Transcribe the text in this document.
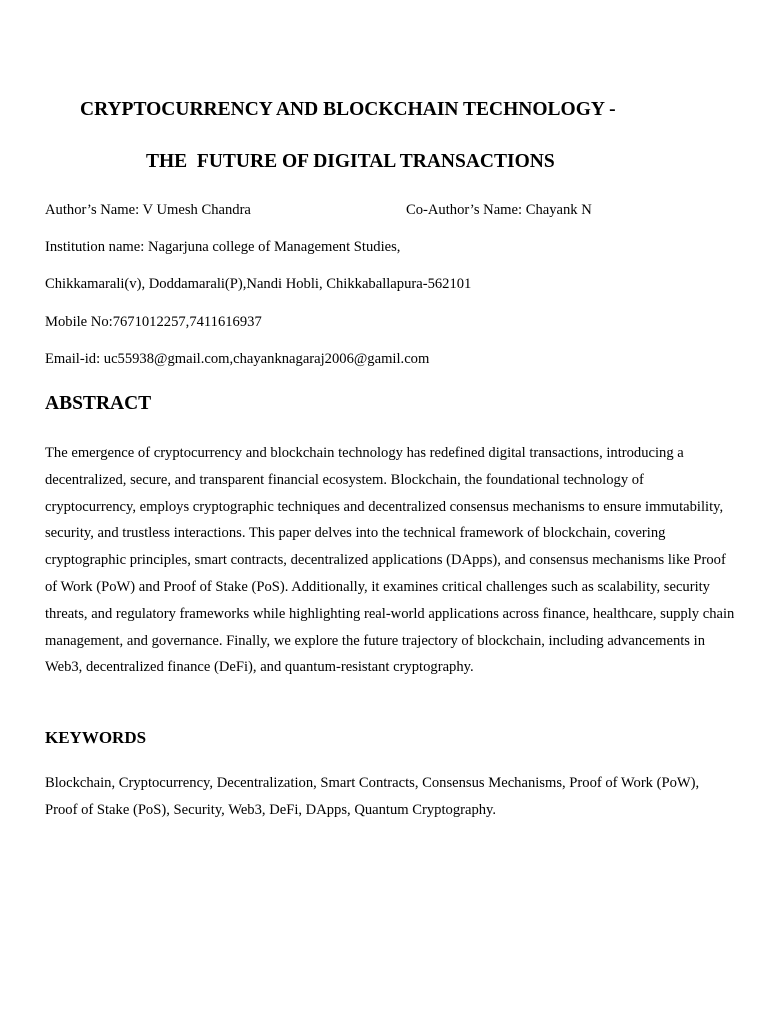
CRYPTOCURRENCY AND BLOCKCHAIN TECHNOLOGY -
THE  FUTURE OF DIGITAL TRANSACTIONS

Author’s Name: V Umesh Chandra	Co-Author’s Name: Chayank N

Institution name: Nagarjuna college of Management Studies,

Chikkamarali(v), Doddamarali(P),Nandi Hobli, Chikkaballapura-562101

Mobile No:7671012257,7411616937

Email-id: uc55938@gmail.com,chayanknagaraj2006@gamil.com

ABSTRACT

The emergence of cryptocurrency and blockchain technology has redefined digital transactions, introducing a decentralized, secure, and transparent financial ecosystem. Blockchain, the foundational technology of cryptocurrency, employs cryptographic techniques and decentralized consensus mechanisms to ensure immutability, security, and trustless interactions. This paper delves into the technical framework of blockchain, covering cryptographic principles, smart contracts, decentralized applications (DApps), and consensus mechanisms like Proof of Work (PoW) and Proof of Stake (PoS). Additionally, it examines critical challenges such as scalability, security threats, and regulatory frameworks while highlighting real-world applications across finance, healthcare, supply chain management, and governance. Finally, we explore the future trajectory of blockchain, including advancements in Web3, decentralized finance (DeFi), and quantum-resistant cryptography.

KEYWORDS

Blockchain, Cryptocurrency, Decentralization, Smart Contracts, Consensus Mechanisms, Proof of Work (PoW), Proof of Stake (PoS), Security, Web3, DeFi, DApps, Quantum Cryptography.
